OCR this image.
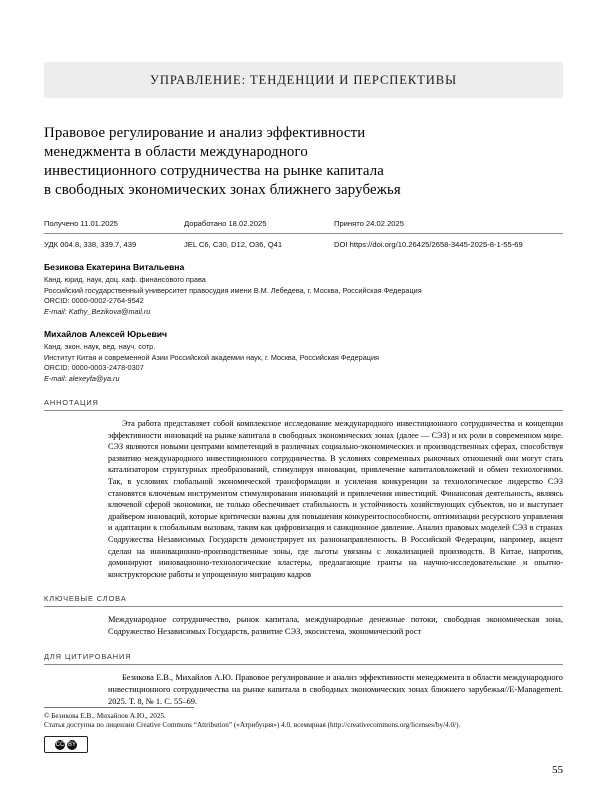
УПРАВЛЕНИЕ: ТЕНДЕНЦИИ И ПЕРСПЕКТИВЫ
Правовое регулирование и анализ эффективности
менеджмента в области международного
инвестиционного сотрудничества на рынке капитала
в свободных экономических зонах ближнего зарубежья
Получено 11.01.2025	Доработано 18.02.2025	Принято 24.02.2025
УДК 004.8, 338, 339.7, 439	JEL C6, C30, D12, O36, Q41	DOI https://doi.org/10.26425/2658-3445-2025-8-1-55-69
Безикова Екатерина Витальевна
Канд. юрид. наук, доц. каф. финансового права
Российский государственный университет правосудия имени В.М. Лебедева, г. Москва, Российская Федерация
ORCID: 0000-0002-2764-9542
E-mail: Kathy_Bezikova@mail.ru
Михайлов Алексей Юрьевич
Канд. экон. наук, вед. науч. сотр.
Институт Китая и современной Азии Российской академии наук, г. Москва, Российская Федерация
ORCID: 0000-0003-2478-0307
E-mail: alexeyfa@ya.ru
АННОТАЦИЯ
Эта работа представляет собой комплексное исследование международного инвестиционного сотрудничества и концепции эффективности инноваций на рынке капитала в свободных экономических зонах (далее — СЭЗ) и их роли в современном мире. СЭЗ являются новыми центрами компетенций в различных социально-экономических и производственных сферах, способствуя развитию международного инвестиционного сотрудничества. В условиях современных рыночных отношений они могут стать катализатором структурных преобразований, стимулируя инновации, привлечение капиталовложений и обмен технологиями. Так, в условиях глобальной экономической трансформации и усиления конкуренции за технологическое лидерство СЭЗ становятся ключевым инструментом стимулирования инноваций и привлечения инвестиций. Финансовая деятельность, являясь ключевой сферой экономики, не только обеспечивает стабильность и устойчивость хозяйствующих субъектов, но и выступает драйвером инноваций, которые критически важны для повышения конкурентоспособности, оптимизации ресурсного управления и адаптации к глобальным вызовам, таким как цифровизация и санкционное давление. Анализ правовых моделей СЭЗ в странах Содружества Независимых Государств демонстрирует их разнонаправленность. В Российской Федерации, например, акцент сделан на инновационно-производственные зоны, где льготы увязаны с локализацией производств. В Китае, напротив, доминируют инновационно-технологические кластеры, предлагающие гранты на научно-исследовательские и опытно-конструкторские работы и упрощенную миграцию кадров
КЛЮЧЕВЫЕ СЛОВА
Международное сотрудничество, рынок капитала, международные денежные потоки, свободная экономическая зона, Содружество Независимых Государств, развитие СЭЗ, экосистема, экономический рост
ДЛЯ ЦИТИРОВАНИЯ
Безикова Е.В., Михайлов А.Ю. Правовое регулирование и анализ эффективности менеджмента в области международного инвестиционного сотрудничества на рынке капитала в свободных экономических зонах ближнего зарубежья//E-Management. 2025. Т. 8, № 1. С. 55–69.
© Безикова Е.В., Михайлов А.Ю., 2025.
Статья доступна по лицензии Creative Commons “Attribution” («Атрибуция») 4.0. всемирная (http://creativecommons.org/licenses/by/4.0/).
CC BY
55
